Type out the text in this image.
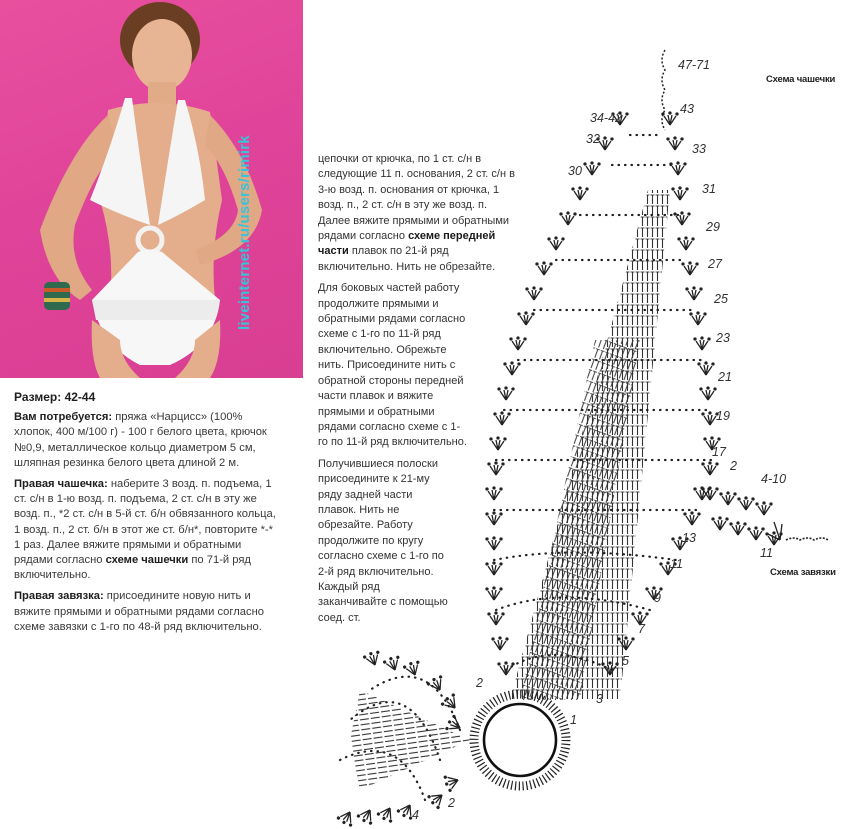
liveinternet.ru/users/rimirk
Размер: 42-44

Вам потребуется: пряжа «Нарцисс» (100% хлопок, 400 м/100 г) - 100 г белого цвета, крючок №0,9, металлическое кольцо диаметром 5 см, шляпная резинка белого цвета длиной 2 м.

Правая чашечка: наберите 3 возд. п. подъема, 1 ст. с/н в 1-ю возд. п. подъема, 2 ст. с/н в эту же возд. п., *2 ст. с/н в 5-й ст. б/н обвязанного кольца, 1 возд. п., 2 ст. б/н в этот же ст. б/н*, повторите *-* 1 раз. Далее вяжите прямыми и обратными рядами согласно схеме чашечки по 71-й ряд включительно.

Правая завязка: присоедините новую нить и вяжите прямыми и обратными рядами согласно схеме завязки с 1-го по 48-й ряд включительно.

47-71
43
34-42
32
33
30
31
29
27
25
23
21
19
17
2
4-10
11
13
11
9
7
5
3
1
2
2
4
Схема чашечки
Схема завязки

цепочки от крючка, по 1 ст. с/н в следующие 11 п. основания, 2 ст. с/н в 3-ю возд. п. основания от крючка, 1 возд. п., 2 ст. с/н в эту же возд. п. Далее вяжите прямыми и обратными рядами согласно схеме передней части плавок по 21-й ряд включительно. Нить не обрезайте.

Для боковых частей работу продолжите прямыми и обратными рядами согласно схеме с 1-го по 11-й ряд включительно. Обрежьте нить. Присоедините нить с обратной стороны передней части плавок и вяжите прямыми и обратными рядами согласно схеме с 1-го по 11-й ряд включительно.

Получившиеся полоски присоедините к 21-му ряду задней части плавок. Нить не обрезайте. Работу продолжите по кругу согласно схеме с 1-го по 2-й ряд включительно. Каждый ряд заканчивайте с помощью соед. ст.
